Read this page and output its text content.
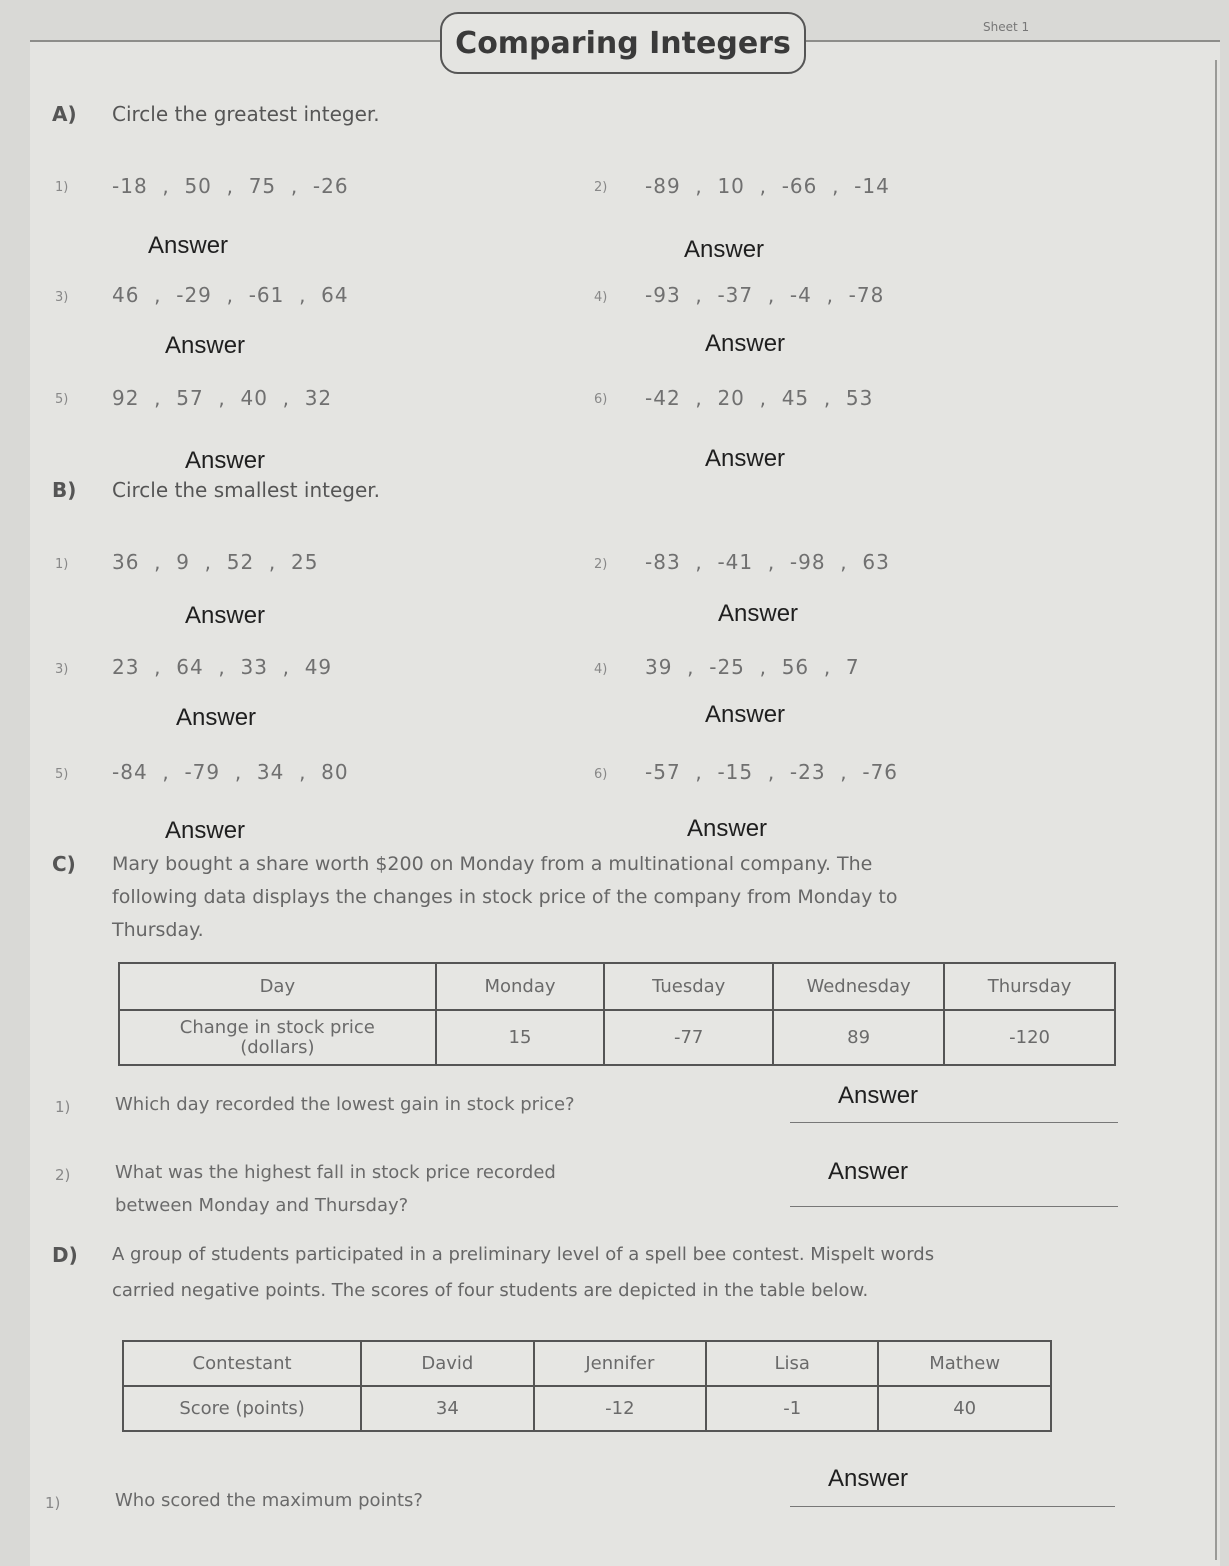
Comparing Integers	Sheet 1
A) Circle the greatest integer.
1) -18  ,  50  ,  75  ,  -26	2) -89  ,  10  ,  -66  ,  -14
Answer	Answer
3) 46  ,  -29  ,  -61  ,  64	4) -93  ,  -37  ,  -4  ,  -78
Answer	Answer
5) 92  ,  57  ,  40  ,  32	6) -42  ,  20  ,  45  ,  53
Answer	Answer
B) Circle the smallest integer.
1) 36  ,  9  ,  52  ,  25	2) -83  ,  -41  ,  -98  ,  63
Answer	Answer
3) 23  ,  64  ,  33  ,  49	4) 39  ,  -25  ,  56  ,  7
Answer	Answer
5) -84  ,  -79  ,  34  ,  80	6) -57  ,  -15  ,  -23  ,  -76
Answer	Answer
C) Mary bought a share worth $200 on Monday from a multinational company. The
following data displays the changes in stock price of the company from Monday to
Thursday.
Day	Monday	Tuesday	Wednesday	Thursday

Change in stock price
(dollars)	15	-77	89	-120
1) Which day recorded the lowest gain in stock price?	Answer
2) What was the highest fall in stock price recorded
between Monday and Thursday?
Answer
D) A group of students participated in a preliminary level of a spell bee contest. Mispelt words
carried negative points. The scores of four students are depicted in the table below.
Contestant	David	Jennifer	Lisa	Mathew
Score (points)	34	-12	-1	40
1)	Who scored the maximum points?
Answer
